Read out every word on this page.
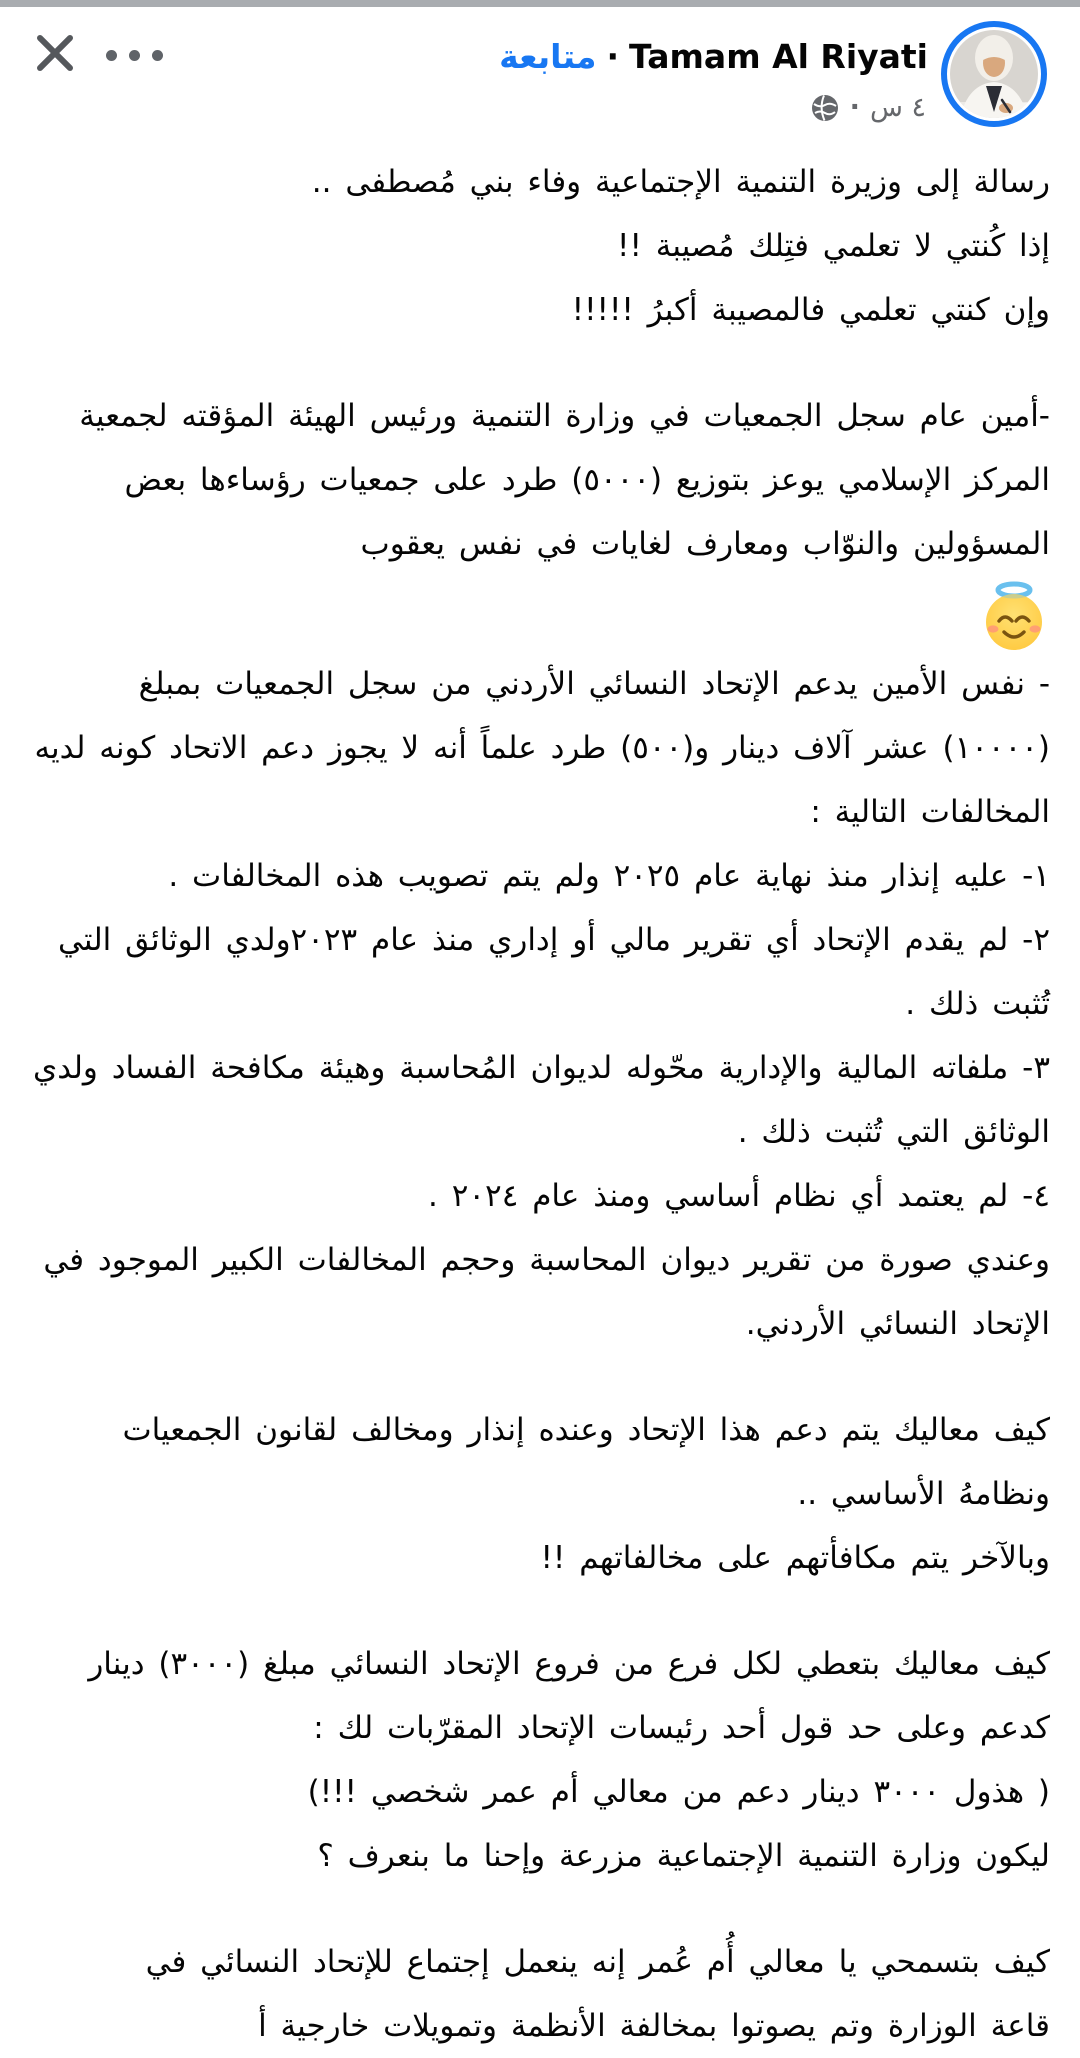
Tamam Al Riyati·متابعة
٤ س
·

رسالة إلى وزيرة التنمية الإجتماعية وفاء بني مُصطفى ..

إذا كُنتي لا تعلمي فتِلك مُصيبة !!

وإن كنتي تعلمي فالمصيبة أكبرُ !!!!!

-أمين عام سجل الجمعيات في وزارة التنمية ورئيس الهيئة المؤقته لجمعية المركز الإسلامي يوعز بتوزيع (٥٠٠٠) طرد على جمعيات رؤساءها بعض المسؤولين والنوّاب ومعارف لغايات في نفس يعقوب

- نفس الأمين يدعم الإتحاد النسائي الأردني من سجل الجمعيات بمبلغ (١٠٠٠٠) عشر آلاف دينار و(٥٠٠) طرد علماً أنه لا يجوز دعم الاتحاد كونه لديه المخالفات التالية :

١- عليه إنذار منذ نهاية عام ٢٠٢٥ ولم يتم تصويب هذه المخالفات .

٢- لم يقدم الإتحاد أي تقرير مالي أو إداري منذ عام ٢٠٢٣ولدي الوثائق التي تُثبت ذلك .

٣- ملفاته المالية والإدارية محّوله لديوان المُحاسبة وهيئة مكافحة الفساد ولدي الوثائق التي تُثبت ذلك .

٤- لم يعتمد أي نظام أساسي ومنذ عام ٢٠٢٤ .

وعندي صورة من تقرير ديوان المحاسبة وحجم المخالفات الكبير الموجود في الإتحاد النسائي الأردني.

كيف معاليك يتم دعم هذا الإتحاد وعنده إنذار ومخالف لقانون الجمعيات ونظامهُ الأساسي ..

وبالآخر يتم مكافأتهم على مخالفاتهم !!

كيف معاليك بتعطي لكل فرع من فروع الإتحاد النسائي مبلغ (٣٠٠٠) دينار كدعم وعلى حد قول أحد رئيسات الإتحاد المقرّبات لك :

( هذول ٣٠٠٠ دينار دعم من معالي أم عمر شخصي !!!)

ليكون وزارة التنمية الإجتماعية مزرعة وإحنا ما بنعرف ؟

كيف بتسمحي يا معالي أُم عُمر إنه ينعمل إجتماع للإتحاد النسائي في

قاعة الوزارة وتم يصوتوا بمخالفة الأنظمة وتمويلات خارجية أ
